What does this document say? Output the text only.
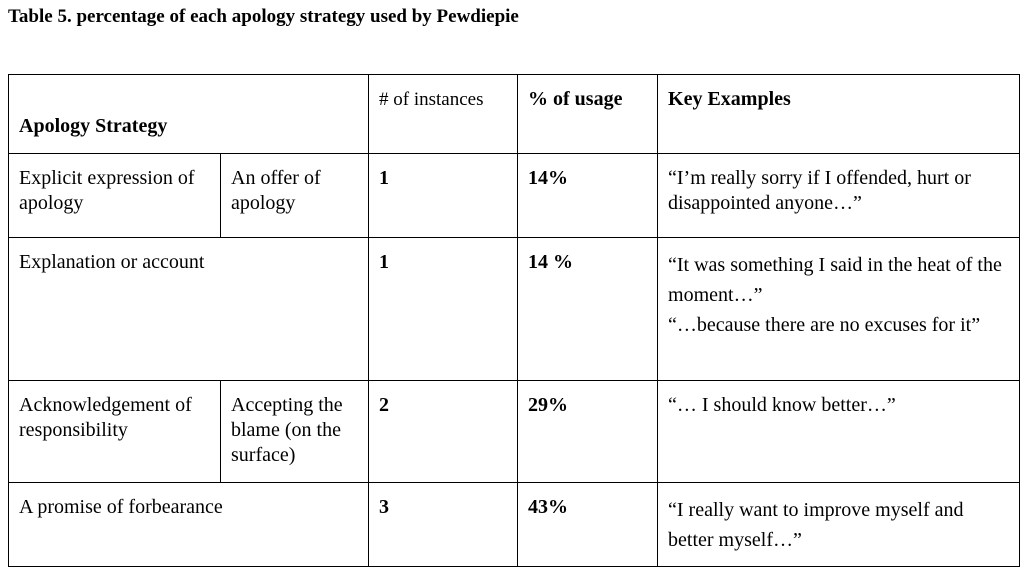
Table 5. percentage of each apology strategy used by Pewdiepie
Apology Strategy		# of instances	% of usage	Key Examples
Explicit expression of apology	An offer of apology	1	14%	“I’m really sorry if I offended, hurt or disappointed anyone…”
Explanation or account		1	14 %	“It was something I said in the heat of the moment…”
“…because there are no excuses for it”

Acknowledgement of responsibility	Accepting the blame (on the surface)	2	29%	“… I should know better…”
A promise of forbearance		3	43%	“I really want to improve myself and better myself…”
